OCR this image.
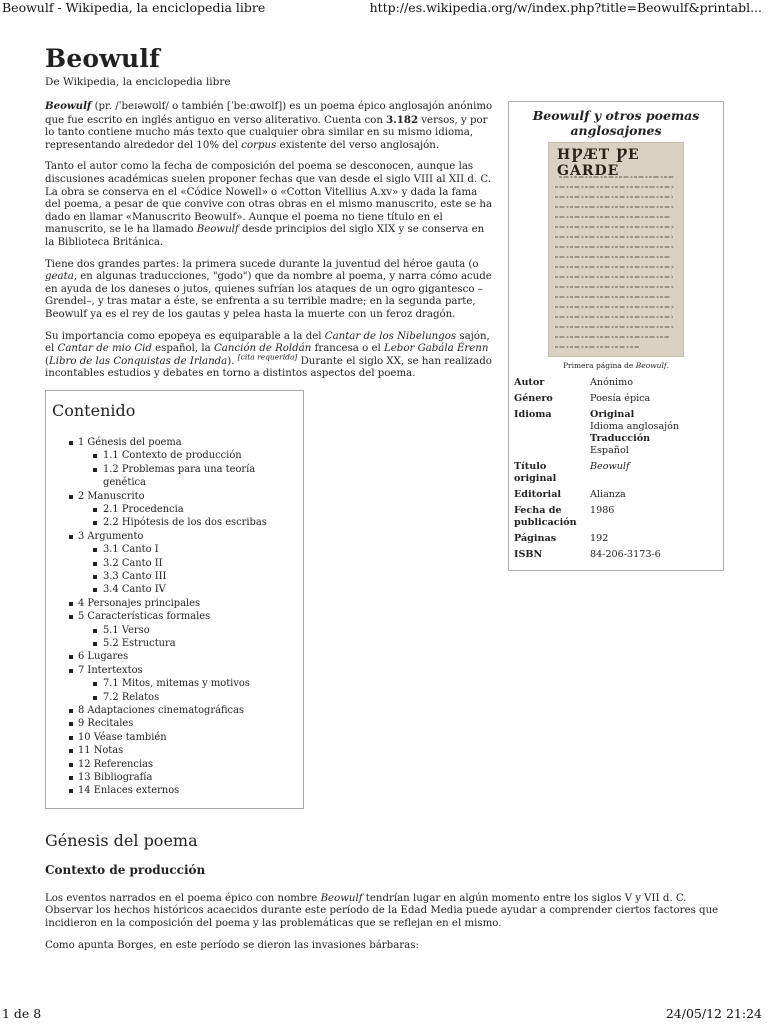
Beowulf - Wikipedia, la enciclopedia libre	http://es.wikipedia.org/w/index.php?title=Beowulf&printabl...
Beowulf
De Wikipedia, la enciclopedia libre

Beowulf (pr. /ˈbeɪəwʊlf/ o también [ˈbeːɑwʊlf]) es un poema épico anglosajón anónimo que fue escrito en inglés antiguo en verso aliterativo. Cuenta con 3.182 versos, y por lo tanto contiene mucho más texto que cualquier obra similar en su mismo idioma, representando alrededor del 10% del corpus existente del verso anglosajón.

Tanto el autor como la fecha de composición del poema se desconocen, aunque las discusiones académicas suelen proponer fechas que van desde el siglo VIII al XII d. C. La obra se conserva en el «Códice Nowell» o «Cotton Vitellius A.xv» y dada la fama del poema, a pesar de que convive con otras obras en el mismo manuscrito, este se ha dado en llamar «Manuscrito Beowulf». Aunque el poema no tiene título en el manuscrito, se le ha llamado Beowulf desde principios del siglo XIX y se conserva en la Biblioteca Británica.

Tiene dos grandes partes: la primera sucede durante la juventud del héroe gauta (o geata, en algunas traducciones, "godo") que da nombre al poema, y narra cómo acude en ayuda de los daneses o jutos, quienes sufrían los ataques de un ogro gigantesco –Grendel–, y tras matar a éste, se enfrenta a su terrible madre; en la segunda parte, Beowulf ya es el rey de los gautas y pelea hasta la muerte con un feroz dragón.

Su importancia como epopeya es equiparable a la del Cantar de los Nibelungos sajón, el Cantar de mio Cid español, la Canción de Roldán francesa o el Lebor Gabála Érenn (Libro de las Conquistas de Irlanda). [cita requerida] Durante el siglo XX, se han realizado incontables estudios y debates en torno a distintos aspectos del poema.

Contenido
1 Génesis del poema
1.1 Contexto de producción
1.2 Problemas para una teoría genética
2 Manuscrito
2.1 Procedencia
2.2 Hipótesis de los dos escribas
3 Argumento
3.1 Canto I
3.2 Canto II
3.3 Canto III
3.4 Canto IV
4 Personajes principales
5 Características formales
5.1 Verso
5.2 Estructura
6 Lugares
7 Intertextos
7.1 Mitos, mitemas y motivos
7.2 Relatos
8 Adaptaciones cinematográficas
9 Recitales
10 Véase también
11 Notas
12 Referencias
13 Bibliografía
14 Enlaces externos
Génesis del poema
Contexto de producción

Los eventos narrados en el poema épico con nombre Beowulf tendrían lugar en algún momento entre los siglos V y VII d. C. Observar los hechos históricos acaecidos durante este período de la Edad Media puede ayudar a comprender ciertos factores que incidieron en la composición del poema y las problemáticas que se reflejan en el mismo.

Como apunta Borges, en este período se dieron las invasiones bárbaras:

Beowulf y otros poemas anglosajones
HǷÆT ǷE GARDE
Primera página de Beowulf.
Autor	Anónimo
Género	Poesía épica
Idioma	Original
Idioma anglosajón
Traducción
Español

Título original	Beowulf
Editorial	Alianza
Fecha de publicación	1986
Páginas	192
ISBN	84-206-3173-6
1 de 8	24/05/12 21:24
